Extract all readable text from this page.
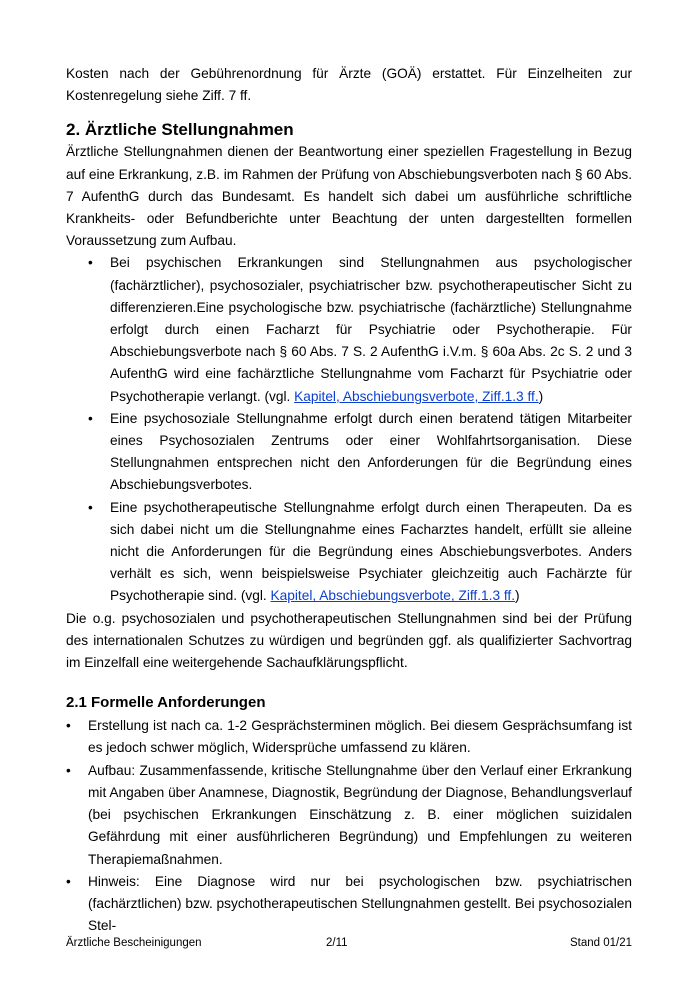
Kosten nach der Gebührenordnung für Ärzte (GOÄ) erstattet. Für Einzelheiten zur Kostenregelung siehe Ziff. 7 ff.

2. Ärztliche Stellungnahmen

Ärztliche Stellungnahmen dienen der Beantwortung einer speziellen Fragestellung in Bezug auf eine Erkrankung, z.B. im Rahmen der Prüfung von Abschiebungsverboten nach § 60 Abs. 7 AufenthG durch das Bundesamt. Es handelt sich dabei um ausführliche schriftliche Krankheits- oder Befundberichte unter Beachtung der unten dargestellten formellen Voraussetzung zum Aufbau.

• Bei psychischen Erkrankungen sind Stellungnahmen aus psychologischer (fachärztlicher), psychosozialer, psychiatrischer bzw. psychotherapeutischer Sicht zu differenzieren.Eine psychologische bzw. psychiatrische (fachärztliche) Stellungnahme erfolgt durch einen Facharzt für Psychiatrie oder Psychotherapie. Für Abschiebungsverbote nach § 60 Abs. 7 S. 2 AufenthG i.V.m. § 60a Abs. 2c S. 2 und 3 AufenthG wird eine fachärztliche Stellungnahme vom Facharzt für Psychiatrie oder Psychotherapie verlangt. (vgl. Kapitel, Abschiebungsverbote, Ziff.1.3 ff.)
• Eine psychosoziale Stellungnahme erfolgt durch einen beratend tätigen Mitarbeiter eines Psychosozialen Zentrums oder einer Wohlfahrtsorganisation. Diese Stellungnahmen entsprechen nicht den Anforderungen für die Begründung eines Abschiebungsverbotes.
• Eine psychotherapeutische Stellungnahme erfolgt durch einen Therapeuten. Da es sich dabei nicht um die Stellungnahme eines Facharztes handelt, erfüllt sie alleine nicht die Anforderungen für die Begründung eines Abschiebungsverbotes. Anders verhält es sich, wenn beispielsweise Psychiater gleichzeitig auch Fachärzte für Psychotherapie sind. (vgl. Kapitel, Abschiebungsverbote, Ziff.1.3 ff.)

Die o.g. psychosozialen und psychotherapeutischen Stellungnahmen sind bei der Prüfung des internationalen Schutzes zu würdigen und begründen ggf. als qualifizierter Sachvortrag im Einzelfall eine weitergehende Sachaufklärungspflicht.

2.1 Formelle Anforderungen
• Erstellung ist nach ca. 1-2 Gesprächsterminen möglich. Bei diesem Gesprächsumfang ist es jedoch schwer möglich, Widersprüche umfassend zu klären.
• Aufbau: Zusammenfassende, kritische Stellungnahme über den Verlauf einer Erkrankung mit Angaben über Anamnese, Diagnostik, Begründung der Diagnose, Behandlungsverlauf (bei psychischen Erkrankungen Einschätzung z. B. einer möglichen suizidalen Gefährdung mit einer ausführlicheren Begründung) und Empfehlungen zu weiteren Therapiemaßnahmen.
• Hinweis: Eine Diagnose wird nur bei psychologischen bzw. psychiatrischen (fachärztlichen) bzw. psychotherapeutischen Stellungnahmen gestellt. Bei psychosozialen Stel-
Ärztliche Bescheinigungen	2/11	Stand 01/21
